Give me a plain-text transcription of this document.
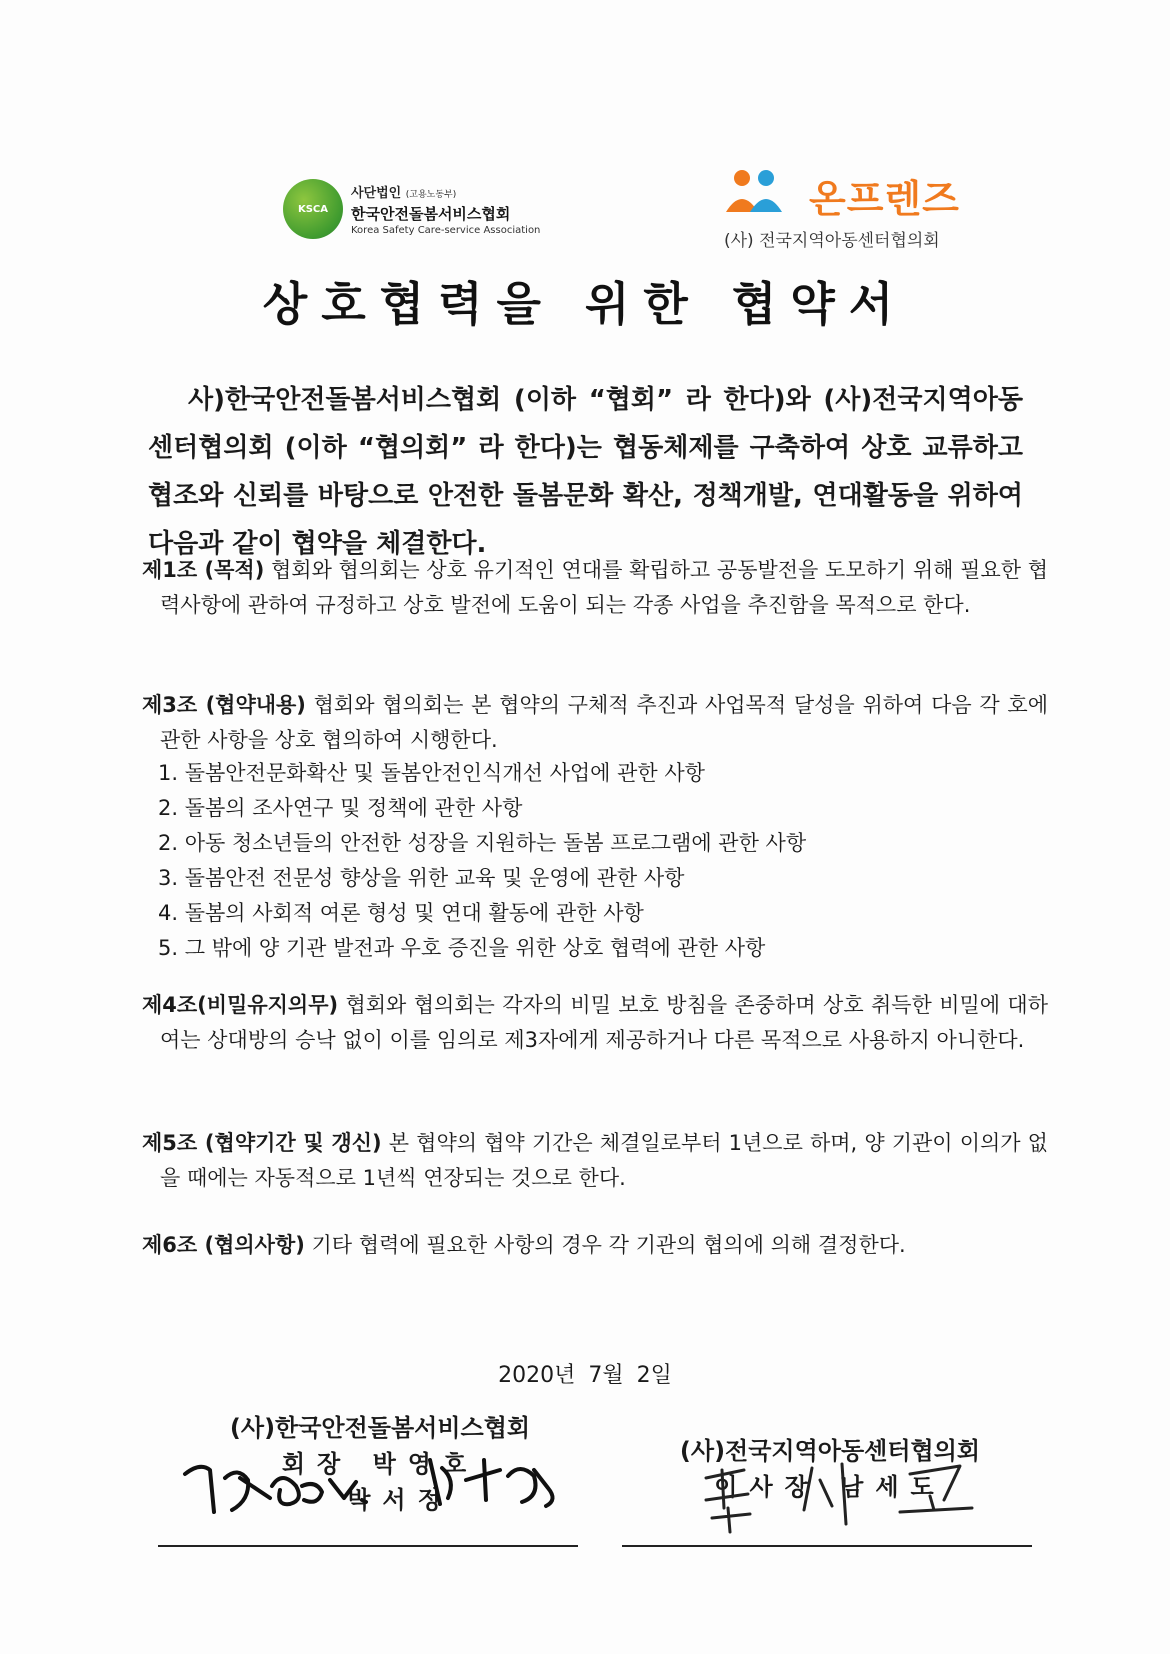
KSCA
사단법인 (고용노동부)
한국안전돌봄서비스협회
Korea Safety Care-service Association
온프렌즈
(사) 전국지역아동센터협의회
상호협력을 위한 협약서
사)한국안전돌봄서비스협회 (이하 “협회” 라 한다)와 (사)전국지역아동센터협의회 (이하 “협의회” 라 한다)는 협동체제를 구축하여 상호 교류하고 협조와 신뢰를 바탕으로 안전한 돌봄문화 확산, 정책개발, 연대활동을 위하여 다음과 같이 협약을 체결한다.
제1조 (목적) 협회와 협의회는 상호 유기적인 연대를 확립하고 공동발전을 도모하기 위해 필요한 협력사항에 관하여 규정하고 상호 발전에 도움이 되는 각종 사업을 추진함을 목적으로 한다.
제3조 (협약내용) 협회와 협의회는 본 협약의 구체적 추진과 사업목적 달성을 위하여 다음 각 호에 관한 사항을 상호 협의하여 시행한다.
1. 돌봄안전문화확산 및 돌봄안전인식개선 사업에 관한 사항
2. 돌봄의 조사연구 및 정책에 관한 사항
2. 아동 청소년들의 안전한 성장을 지원하는 돌봄 프로그램에 관한 사항
3. 돌봄안전 전문성 향상을 위한 교육 및 운영에 관한 사항
4. 돌봄의 사회적 여론 형성 및 연대 활동에 관한 사항
5. 그 밖에 양 기관 발전과 우호 증진을 위한 상호 협력에 관한 사항
제4조(비밀유지의무) 협회와 협의회는 각자의 비밀 보호 방침을 존중하며 상호 취득한 비밀에 대하여는 상대방의 승낙 없이 이를 임의로 제3자에게 제공하거나 다른 목적으로 사용하지 아니한다.
제5조 (협약기간 및 갱신) 본 협약의 협약 기간은 체결일로부터 1년으로 하며, 양 기관이 이의가 없을 때에는 자동적으로 1년씩 연장되는 것으로 한다.
제6조 (협의사항) 기타 협력에 필요한 사항의 경우 각 기관의 협의에 의해 결정한다.
2020년 7월 2일
(사)한국안전돌봄서비스협회
회장 박영호
박서정
(사)전국지역아동센터협의회
이사장 남세도
